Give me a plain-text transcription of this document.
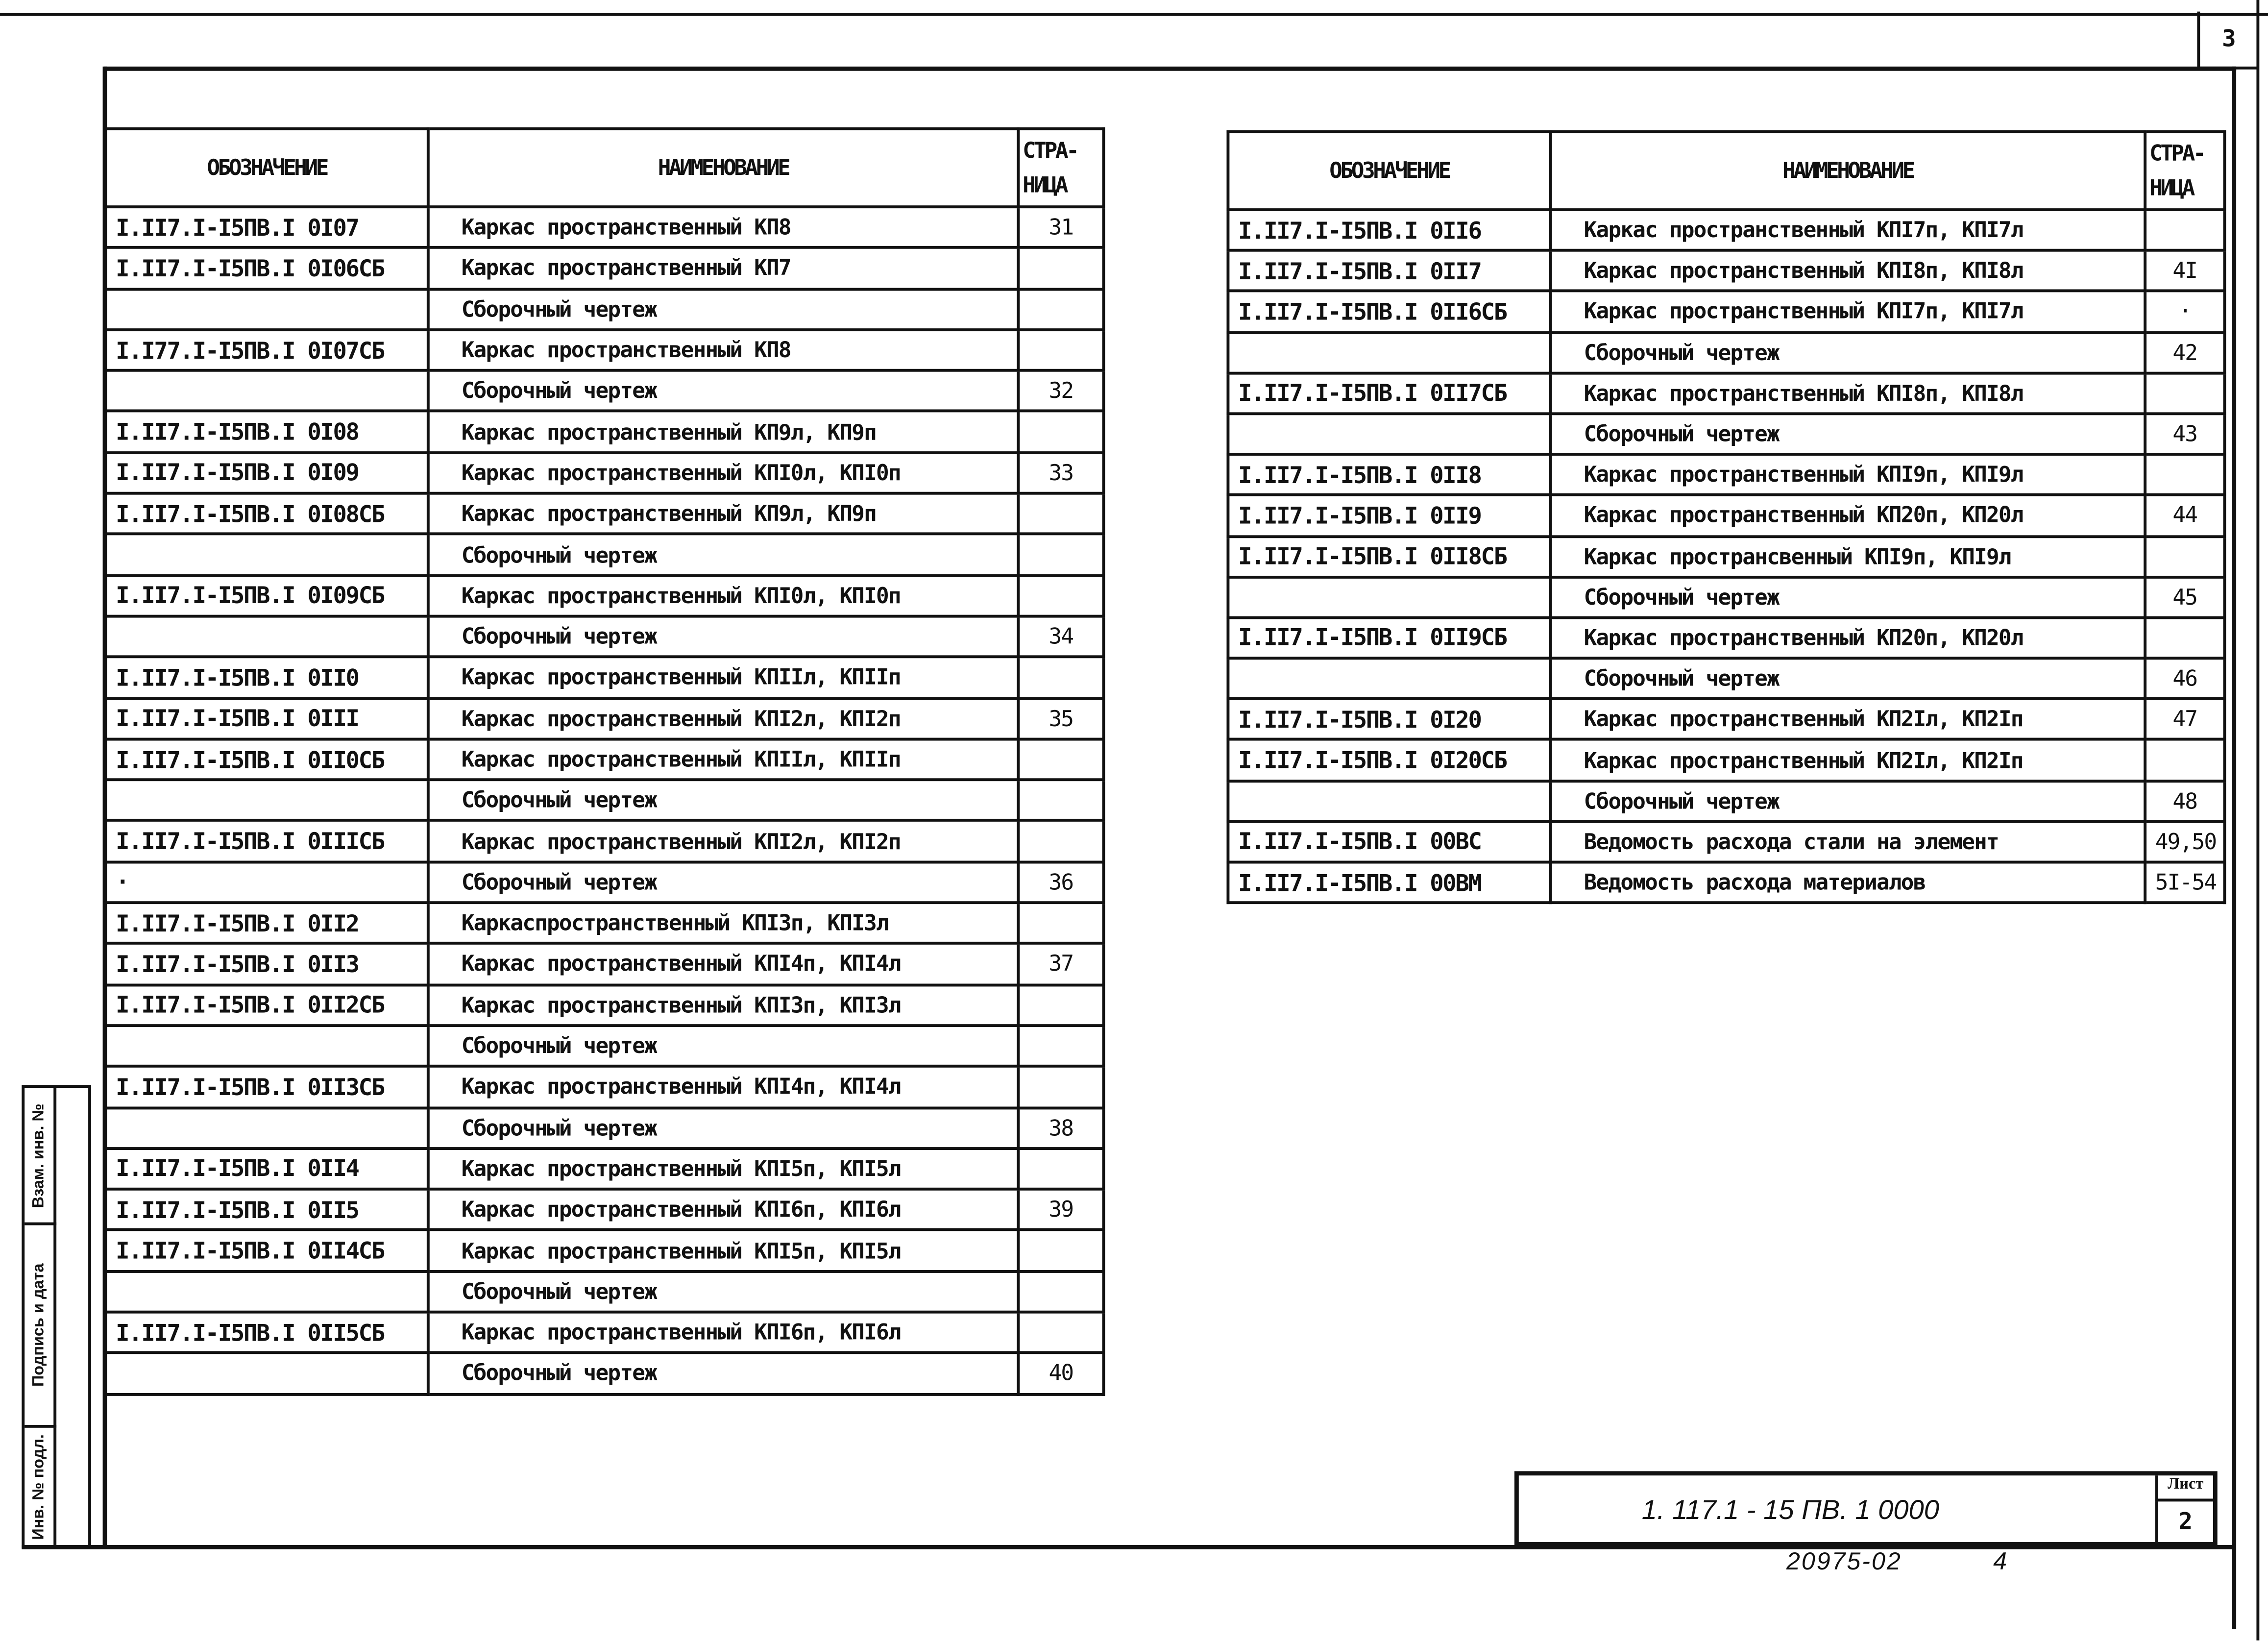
3
ОБОЗНАЧЕНИЕ	НАИМЕНОВАНИЕ	СТРА-НИЦА
I.II7.I-I5ПВ.I 0I07	Каркас пространственный КП8	31
I.II7.I-I5ПВ.I 0I06СБ	Каркас пространственный КП7	
	Сборочный чертеж	
I.I77.I-I5ПВ.I 0I07СБ	Каркас пространственный КП8	
	Сборочный чертеж	32
I.II7.I-I5ПВ.I 0I08	Каркас пространственный КП9л, КП9п	
I.II7.I-I5ПВ.I 0I09	Каркас пространственный КПI0л, КПI0п	33
I.II7.I-I5ПВ.I 0I08СБ	Каркас пространственный КП9л, КП9п	
	Сборочный чертеж	
I.II7.I-I5ПВ.I 0I09СБ	Каркас пространственный КПI0л, КПI0п	
	Сборочный чертеж	34
I.II7.I-I5ПВ.I 0II0	Каркас пространственный КПIIл, КПIIп	
I.II7.I-I5ПВ.I 0III	Каркас пространственный КПI2л, КПI2п	35
I.II7.I-I5ПВ.I 0II0СБ	Каркас пространственный КПIIл, КПIIп	
	Сборочный чертеж	
I.II7.I-I5ПВ.I 0IIIСБ	Каркас пространственный КПI2л, КПI2п	
·	Сборочный чертеж	36
I.II7.I-I5ПВ.I 0II2	Каркаспространственный КПI3п, КПI3л	
I.II7.I-I5ПВ.I 0II3	Каркас пространственный КПI4п, КПI4л	37
I.II7.I-I5ПВ.I 0II2СБ	Каркас пространственный КПI3п, КПI3л	
	Сборочный чертеж	
I.II7.I-I5ПВ.I 0II3СБ	Каркас пространственный КПI4п, КПI4л	
	Сборочный чертеж	38
I.II7.I-I5ПВ.I 0II4	Каркас пространственный КПI5п, КПI5л	
I.II7.I-I5ПВ.I 0II5	Каркас пространственный КПI6п, КПI6л	39
I.II7.I-I5ПВ.I 0II4СБ	Каркас пространственный КПI5п, КПI5л	
	Сборочный чертеж	
I.II7.I-I5ПВ.I 0II5СБ	Каркас пространственный КПI6п, КПI6л	
	Сборочный чертеж	40
ОБОЗНАЧЕНИЕ	НАИМЕНОВАНИЕ	СТРА-НИЦА
I.II7.I-I5ПВ.I 0II6	Каркас пространственный КПI7п, КПI7л	
I.II7.I-I5ПВ.I 0II7	Каркас пространственный КПI8п, КПI8л	4I
I.II7.I-I5ПВ.I 0II6СБ	Каркас пространственный КПI7п, КПI7л	·
	Сборочный чертеж	42
I.II7.I-I5ПВ.I 0II7СБ	Каркас пространственный КПI8п, КПI8л	
	Сборочный чертеж	43
I.II7.I-I5ПВ.I 0II8	Каркас пространственный КПI9п, КПI9л	
I.II7.I-I5ПВ.I 0II9	Каркас пространственный КП20п, КП20л	44
I.II7.I-I5ПВ.I 0II8СБ	Каркас пространсвенный КПI9п, КПI9л	
	Сборочный чертеж	45
I.II7.I-I5ПВ.I 0II9СБ	Каркас пространственный КП20п, КП20л	
	Сборочный чертеж	46
I.II7.I-I5ПВ.I 0I20	Каркас пространственный КП2Iл, КП2Iп	47
I.II7.I-I5ПВ.I 0I20СБ	Каркас пространственный КП2Iл, КП2Iп	
	Сборочный чертеж	48
I.II7.I-I5ПВ.I 00ВС	Ведомость расхода стали на элемент	49,50
I.II7.I-I5ПВ.I 00ВМ	Ведомость расхода материалов	5I-54
Взам. инв. №
Подпись и дата
Инв. № подл.	1. 117.1 - 15 ПВ. 1 0000
Лист
2
20975-02	4
